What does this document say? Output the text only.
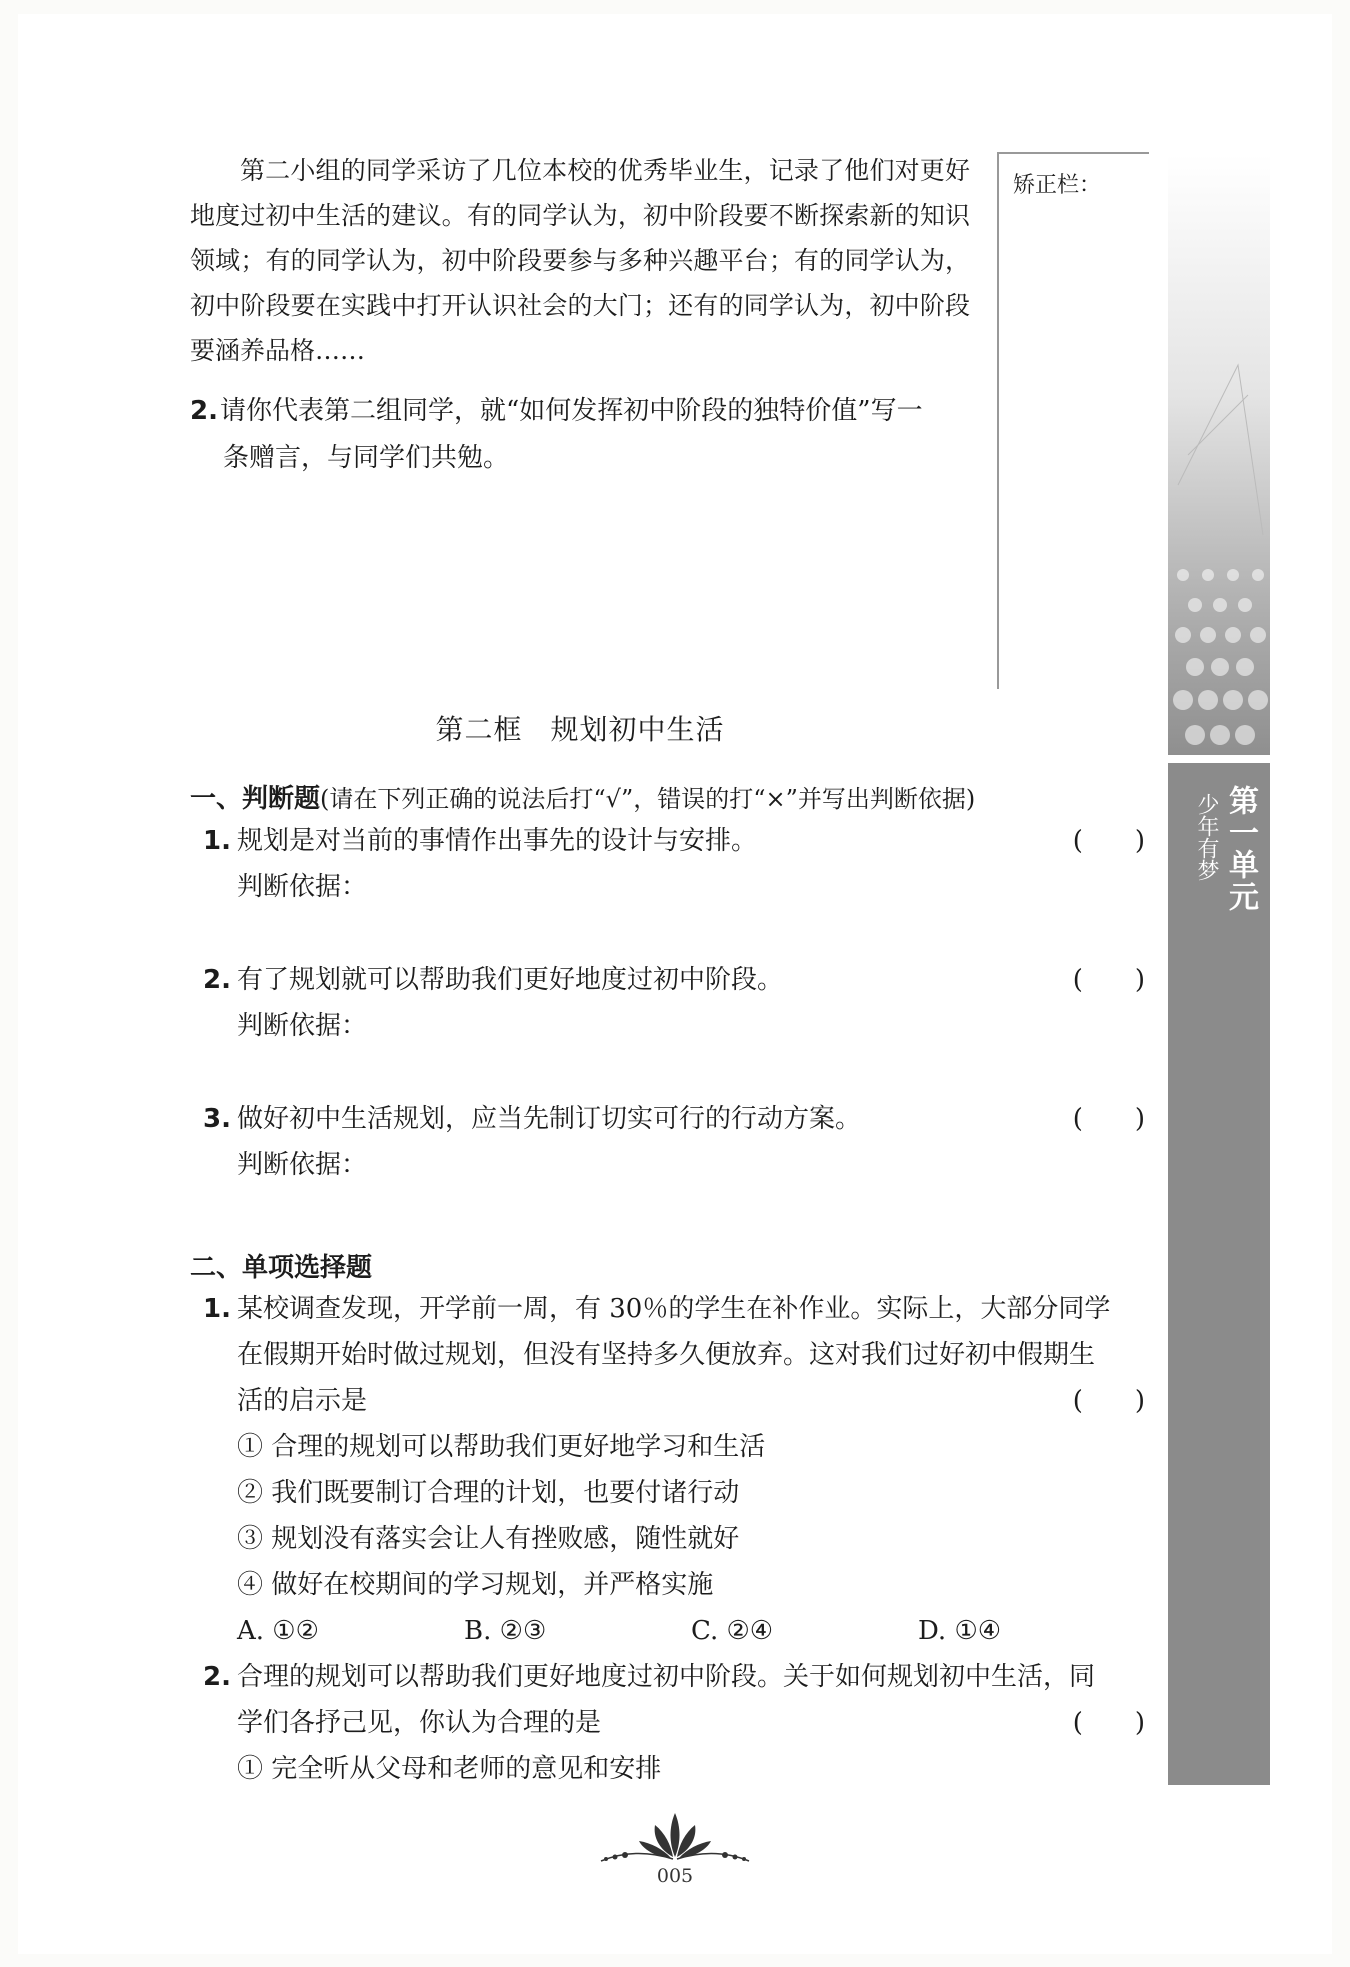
第二小组的同学采访了几位本校的优秀毕业生，记录了他们对更好地度过初中生活的建议。有的同学认为，初中阶段要不断探索新的知识领域；有的同学认为，初中阶段要参与多种兴趣平台；有的同学认为，初中阶段要在实践中打开认识社会的大门；还有的同学认为，初中阶段要涵养品格……

2.请你代表第二组同学，就“如何发挥初中阶段的独特价值”写一
条赠言，与同学们共勉。
矫正栏：
第一单元
少年有梦
第二框 规划初中生活
一、判断题(请在下列正确的说法后打“√”，错误的打“×”并写出判断依据)
1. 规划是对当前的事情作出事先的设计与安排。	(　　)
判断依据：
2. 有了规划就可以帮助我们更好地度过初中阶段。	(　　)
判断依据：
3. 做好初中生活规划，应当先制订切实可行的行动方案。	(　　)
判断依据：
二、单项选择题
1. 某校调查发现，开学前一周，有 30％的学生在补作业。实际上，大部分同学
在假期开始时做过规划，但没有坚持多久便放弃。这对我们过好初中假期生
活的启示是	(　　)
① 合理的规划可以帮助我们更好地学习和生活
② 我们既要制订合理的计划，也要付诸行动
③ 规划没有落实会让人有挫败感，随性就好
④ 做好在校期间的学习规划，并严格实施
A. ①②	B. ②③	C. ②④	D. ①④
2. 合理的规划可以帮助我们更好地度过初中阶段。关于如何规划初中生活，同
学们各抒己见，你认为合理的是	(　　)
① 完全听从父母和老师的意见和安排
005
